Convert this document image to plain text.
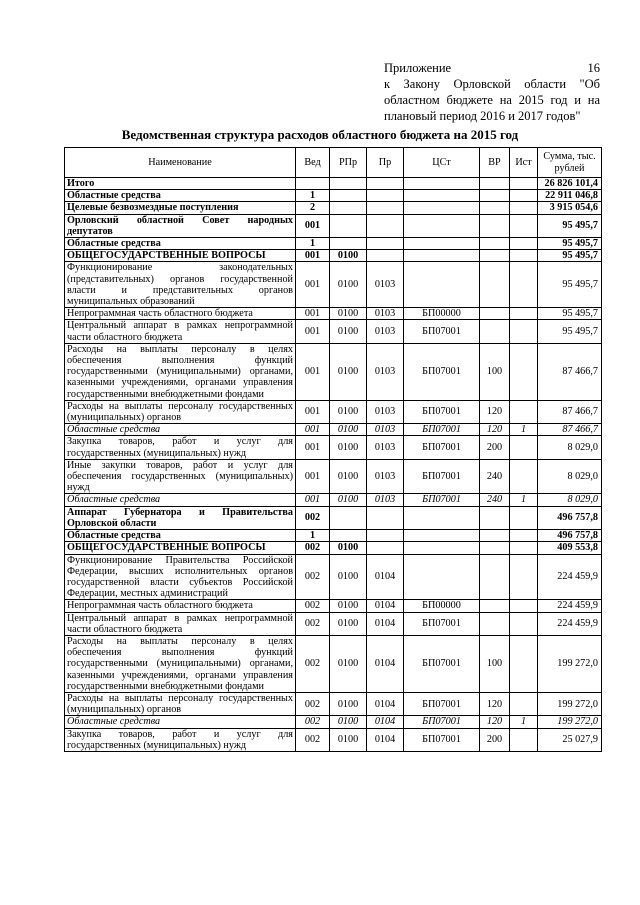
Приложение 16
к Закону Орловской области "Об
областном бюджете на 2015 год и на
плановый период 2016 и 2017 годов"
Ведомственная структура расходов областного бюджета на 2015 год
Наименование	Вед	РПр	Пр	ЦСт	ВР	Ист	Сумма, тыс. рублей
Итого							26 826 101,4
Областные средства	1						22 911 046,8
Целевые безвозмездные поступления	2						3 915 054,6
Орловский областной Совет народных депутатов	001						95 495,7
Областные средства	1						95 495,7
ОБЩЕГОСУДАРСТВЕННЫЕ ВОПРОСЫ	001	0100					95 495,7
Функционирование законодательных (представительных) органов государственной власти и представительных органов муниципальных образований	001	0100	0103				95 495,7
Непрограммная часть областного бюджета	001	0100	0103	БП00000			95 495,7
Центральный аппарат в рамках непрограммной части областного бюджета	001	0100	0103	БП07001			95 495,7
Расходы на выплаты персоналу в целях обеспечения выполнения функций государственными (муниципальными) органами, казенными учреждениями, органами управления государственными внебюджетными фондами	001	0100	0103	БП07001	100		87 466,7
Расходы на выплаты персоналу государственных (муниципальных) органов	001	0100	0103	БП07001	120		87 466,7
Областные средства	001	0100	0103	БП07001	120	1	87 466,7
Закупка товаров, работ и услуг для государственных (муниципальных) нужд	001	0100	0103	БП07001	200		8 029,0
Иные закупки товаров, работ и услуг для обеспечения государственных (муниципальных) нужд	001	0100	0103	БП07001	240		8 029,0
Областные средства	001	0100	0103	БП07001	240	1	8 029,0
Аппарат Губернатора и Правительства Орловской области	002						496 757,8
Областные средства	1						496 757,8
ОБЩЕГОСУДАРСТВЕННЫЕ ВОПРОСЫ	002	0100					409 553,8
Функционирование Правительства Российской Федерации, высших исполнительных органов государственной власти субъектов Российской Федерации, местных администраций	002	0100	0104				224 459,9
Непрограммная часть областного бюджета	002	0100	0104	БП00000			224 459,9
Центральный аппарат в рамках непрограммной части областного бюджета	002	0100	0104	БП07001			224 459,9
Расходы на выплаты персоналу в целях обеспечения выполнения функций государственными (муниципальными) органами, казенными учреждениями, органами управления государственными внебюджетными фондами	002	0100	0104	БП07001	100		199 272,0
Расходы на выплаты персоналу государственных (муниципальных) органов	002	0100	0104	БП07001	120		199 272,0
Областные средства	002	0100	0104	БП07001	120	1	199 272,0
Закупка товаров, работ и услуг для государственных (муниципальных) нужд	002	0100	0104	БП07001	200		25 027,9
